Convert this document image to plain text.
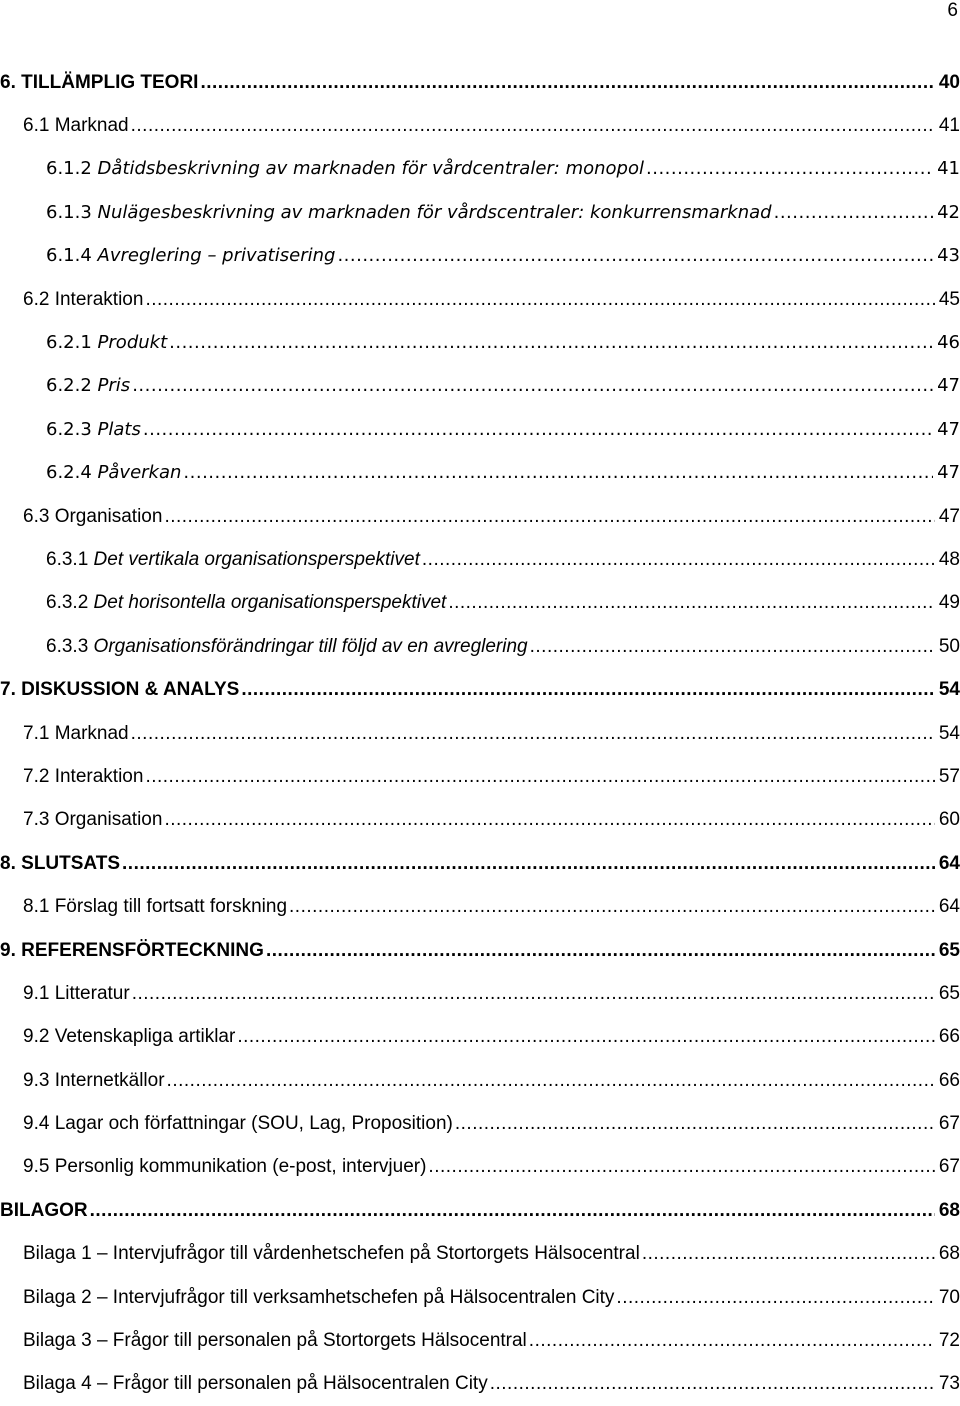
6
6. TILLÄMPLIG TEORI .....	40
6.1 Marknad .....	41
6.1.2 Dåtidsbeskrivning av marknaden för vårdcentraler: monopol .....	41
6.1.3 Nulägesbeskrivning av marknaden för vårdscentraler: konkurrensmarknad .....	42
6.1.4 Avreglering – privatisering .....	43
6.2 Interaktion .....	45
6.2.1 Produkt .....	46
6.2.2 Pris .....	47
6.2.3 Plats .....	47
6.2.4 Påverkan .....	47
6.3 Organisation .....	47
6.3.1 Det vertikala organisationsperspektivet .....	48
6.3.2 Det horisontella organisationsperspektivet .....	49
6.3.3 Organisationsförändringar till följd av en avreglering .....	50
7. DISKUSSION & ANALYS .....	54
7.1 Marknad .....	54
7.2 Interaktion .....	57
7.3 Organisation .....	60
8. SLUTSATS .....	64
8.1 Förslag till fortsatt forskning .....	64
9. REFERENSFÖRTECKNING .....	65
9.1 Litteratur .....	65
9.2 Vetenskapliga artiklar .....	66
9.3 Internetkällor .....	66
9.4 Lagar och författningar (SOU, Lag, Proposition) .....	67
9.5 Personlig kommunikation (e-post, intervjuer) .....	67
BILAGOR .....	68
Bilaga 1 – Intervjufrågor till vårdenhetschefen på Stortorgets Hälsocentral .....	68
Bilaga 2 – Intervjufrågor till verksamhetschefen på Hälsocentralen City .....	70
Bilaga 3 – Frågor till personalen på Stortorgets Hälsocentral .....	72
Bilaga 4 – Frågor till personalen på Hälsocentralen City .....	73
